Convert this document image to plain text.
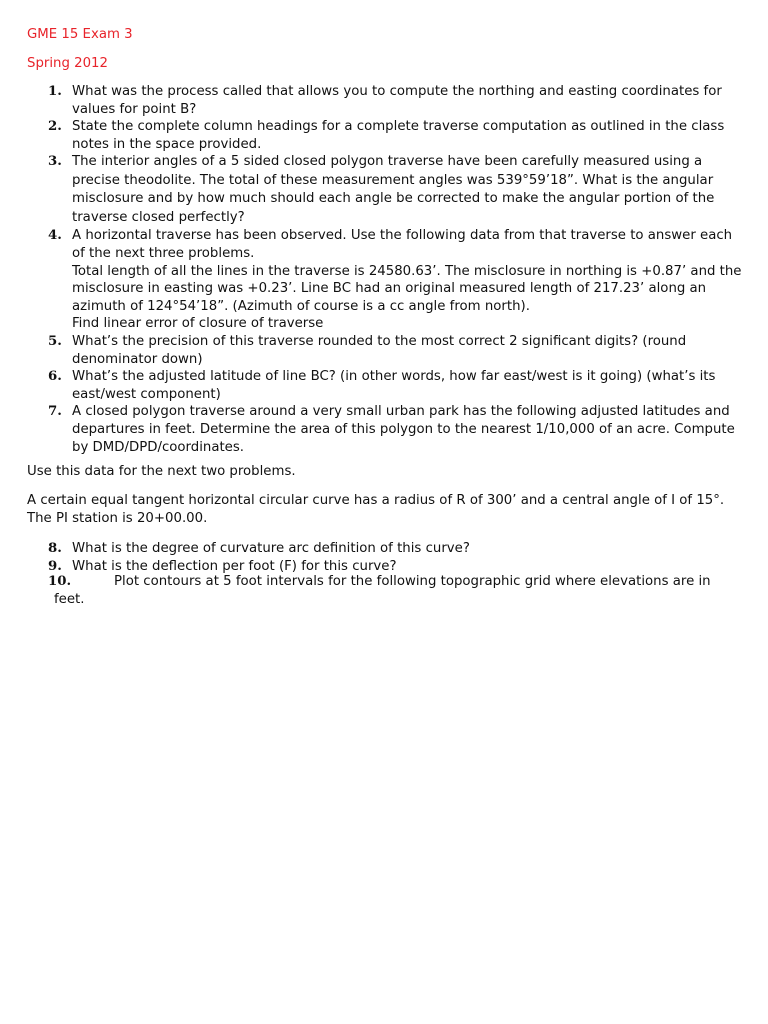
GME 15 Exam 3
Spring 2012
1. What was the process called that allows you to compute the northing and easting coordinates for values for point B?
2. State the complete column headings for a complete traverse computation as outlined in the class notes in the space provided.
3. The interior angles of a 5 sided closed polygon traverse have been carefully measured using a precise theodolite. The total of these measurement angles was 539°59’18”. What is the angular misclosure and by how much should each angle be corrected to make the angular portion of the traverse closed perfectly?
4. A horizontal traverse has been observed. Use the following data from that traverse to answer each of the next three problems.
Total length of all the lines in the traverse is 24580.63’. The misclosure in northing is +0.87’ and the misclosure in easting was +0.23’. Line BC had an original measured length of 217.23’ along an azimuth of 124°54’18”. (Azimuth of course is a cc angle from north).
Find linear error of closure of traverse
5. What’s the precision of this traverse rounded to the most correct 2 significant digits? (round denominator down)
6. What’s the adjusted latitude of line BC? (in other words, how far east/west is it going) (what’s its east/west component)
7. A closed polygon traverse around a very small urban park has the following adjusted latitudes and departures in feet. Determine the area of this polygon to the nearest 1/10,000 of an acre. Compute by DMD/DPD/coordinates.
Use this data for the next two problems.
A certain equal tangent horizontal circular curve has a radius of R of 300’ and a central angle of I of 15°. The PI station is 20+00.00.
8. What is the degree of curvature arc definition of this curve?
9. What is the deflection per foot (F) for this curve?
10.	Plot contours at 5 foot intervals for the following topographic grid where elevations are in
feet.
